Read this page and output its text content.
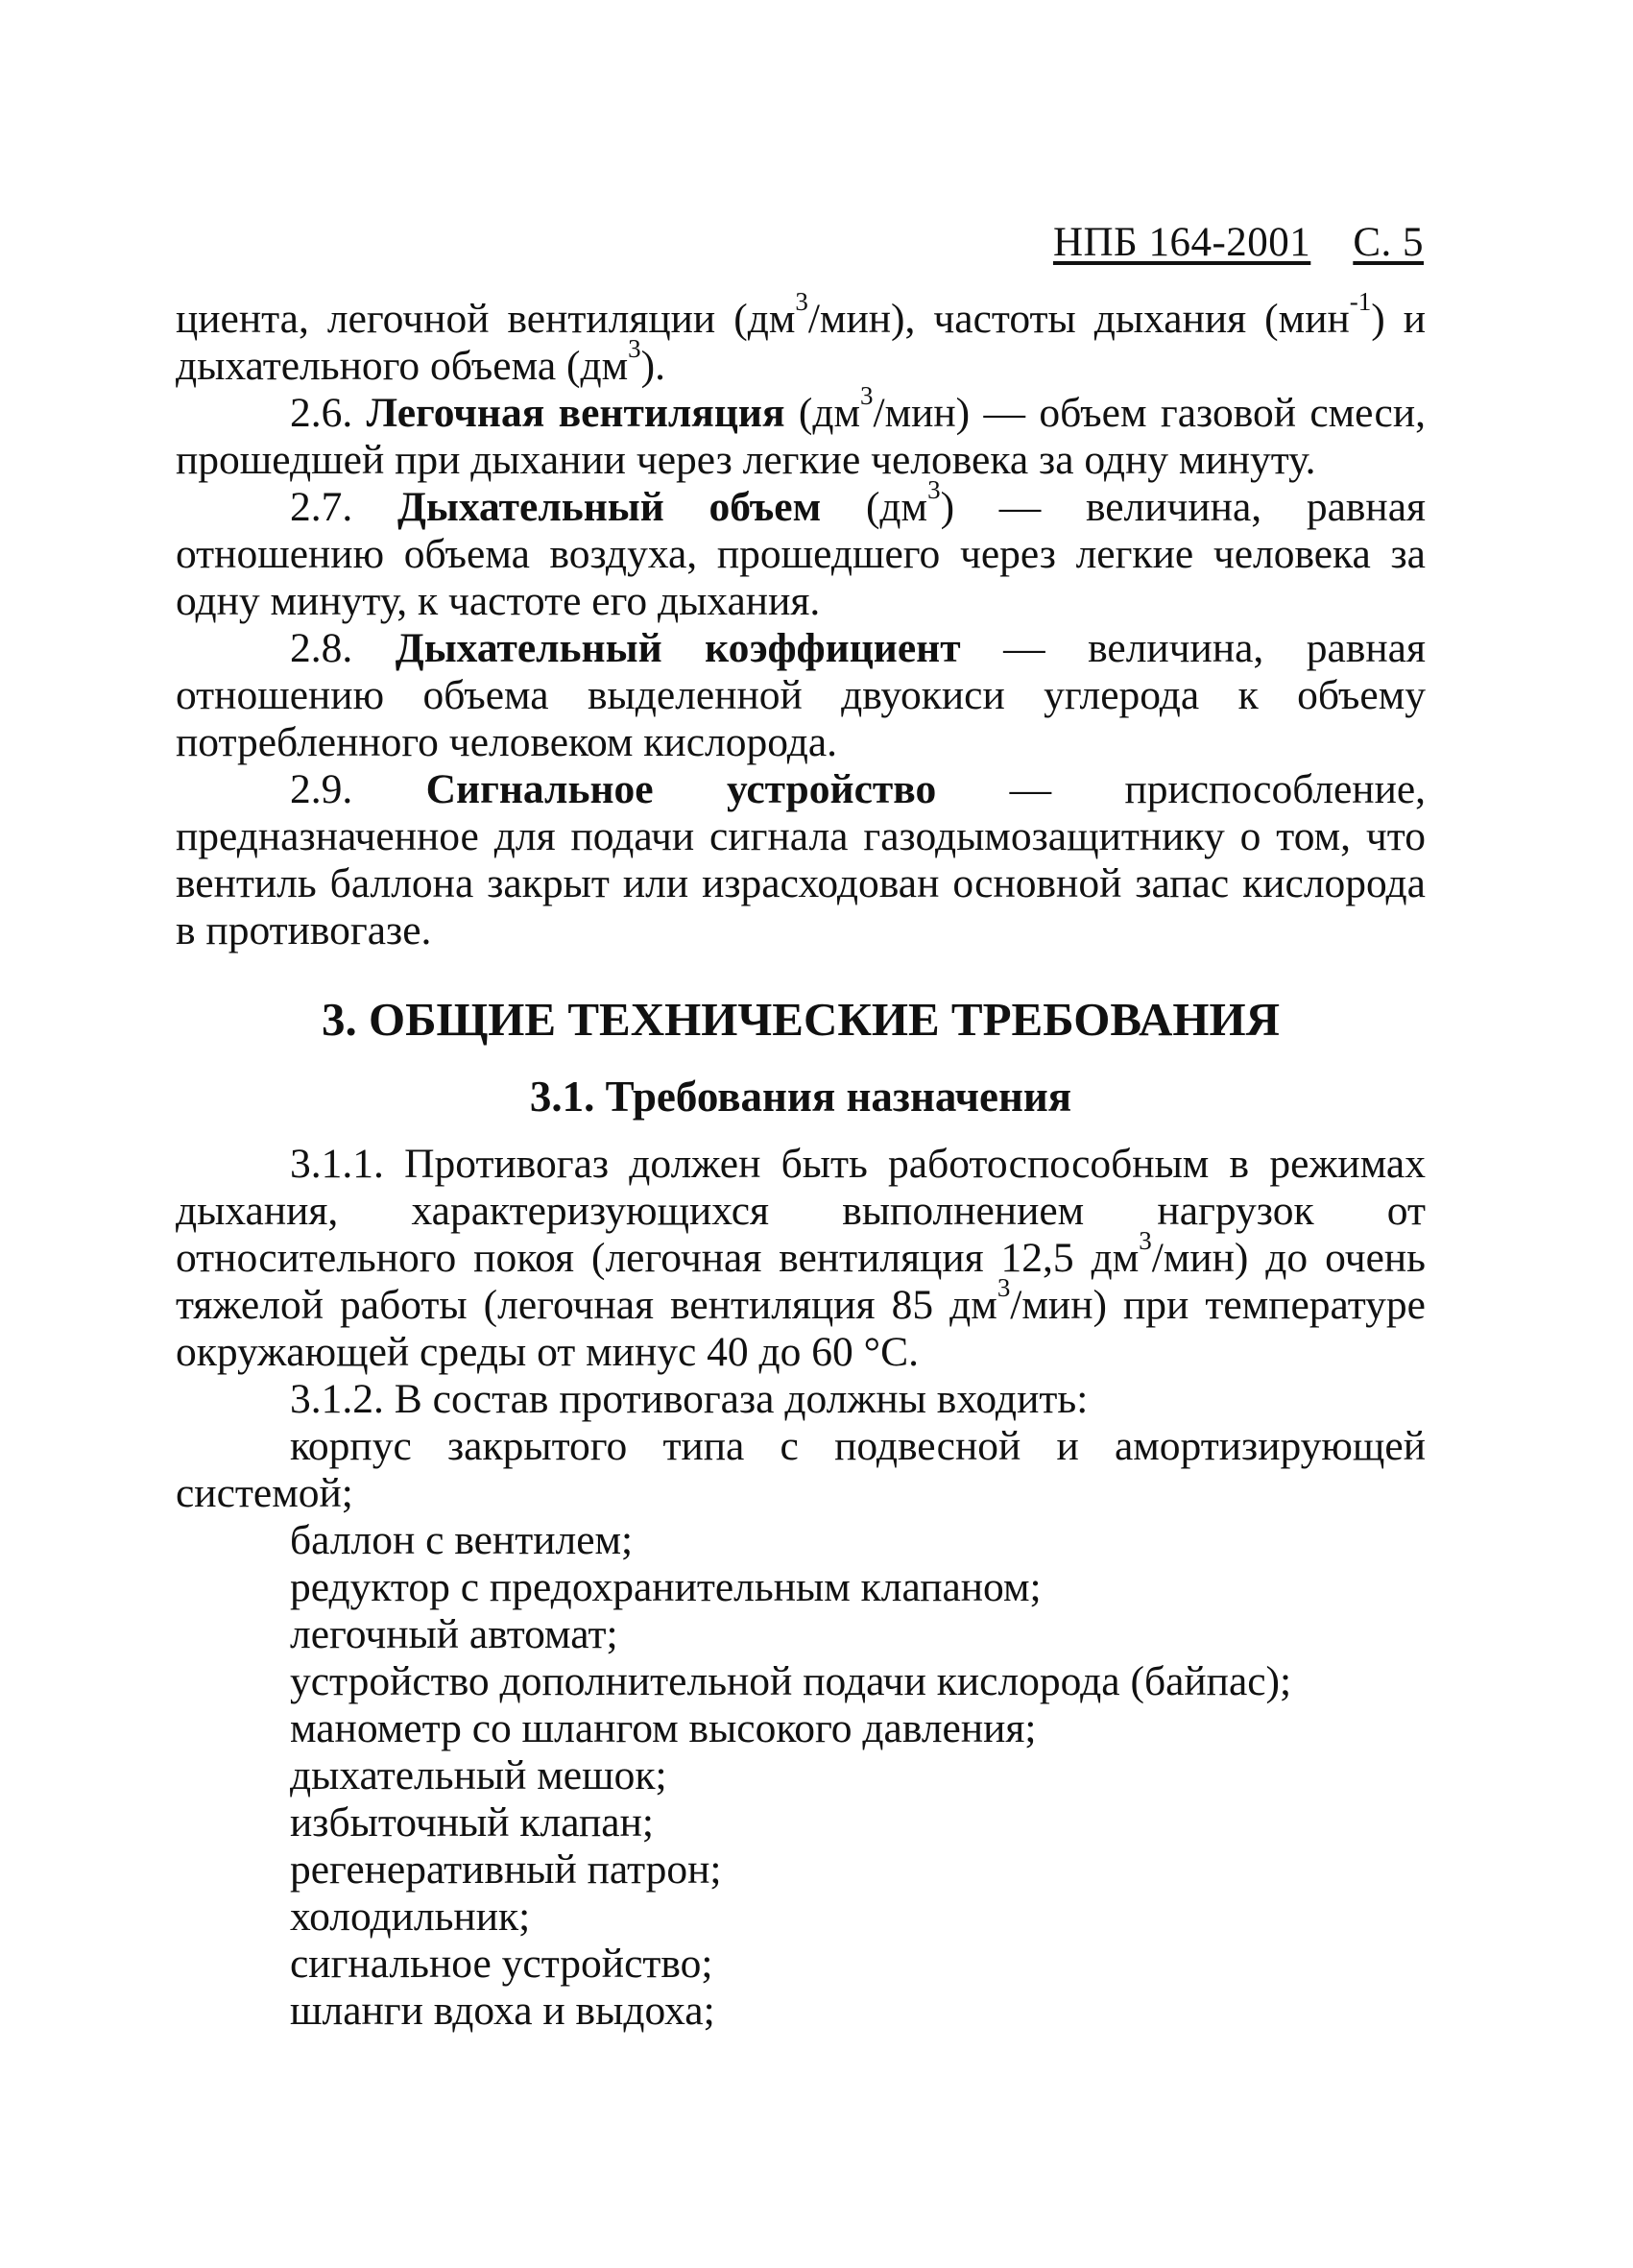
НПБ 164-2001 С. 5

циента, легочной вентиляции $(дм^3/мин)$, частоты дыхания (мин$^{-1}$) и дыхательного объема $(дм^3)$.

2.6. Легочная вентиляция $(дм^3/мин)$ — объем газовой смеси, прошедшей при дыхании через легкие человека за одну минуту.

2.7. Дыхательный объем $(дм^3)$ — величина, равная отношению объема воздуха, прошедшего через легкие человека за одну минуту, к частоте его дыхания.

2.8. Дыхательный коэффициент — величина, равная отношению объема выделенной двуокиси углерода к объему потребленного человеком кислорода.

2.9. Сигнальное устройство — приспособление, предназначенное для подачи сигнала газодымозащитнику о том, что вентиль баллона закрыт или израсходован основной запас кислорода в противогазе.

3. ОБЩИЕ ТЕХНИЧЕСКИЕ ТРЕБОВАНИЯ
3.1. Требования назначения

3.1.1. Противогаз должен быть работоспособным в режимах дыхания, характеризующихся выполнением нагрузок от относительного покоя (легочная вентиляция 12,5 $дм^3/мин$) до очень тяжелой работы (легочная вентиляция 85 $дм^3/мин$) при температуре окружающей среды от минус 40 до 60 °С.

3.1.2. В состав противогаза должны входить:

корпус закрытого типа с подвесной и амортизирующей системой;

баллон с вентилем;

редуктор с предохранительным клапаном;

легочный автомат;

устройство дополнительной подачи кислорода (байпас);

манометр со шлангом высокого давления;

дыхательный мешок;

избыточный клапан;

регенеративный патрон;

холодильник;

сигнальное устройство;

шланги вдоха и выдоха;
